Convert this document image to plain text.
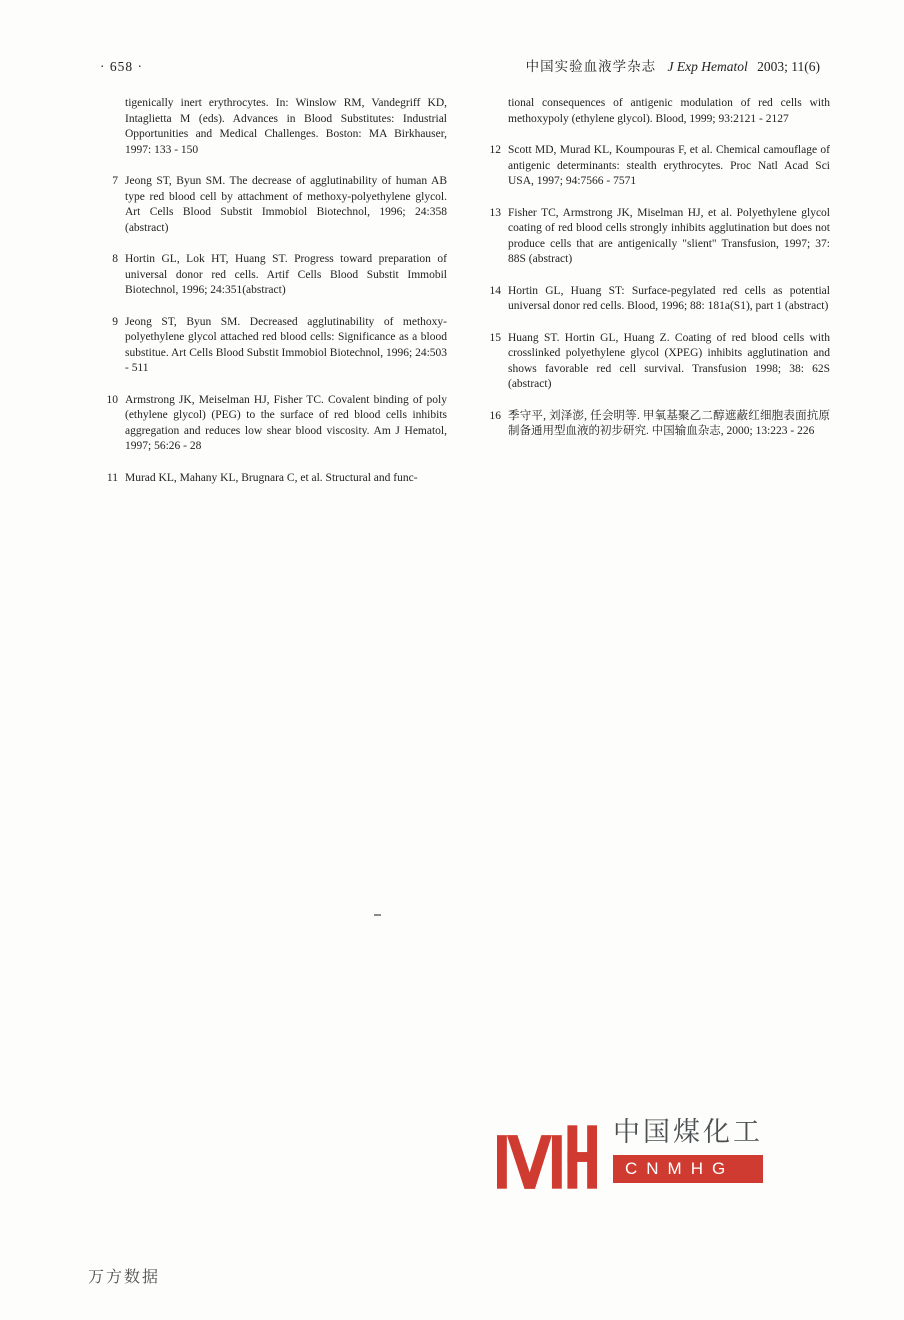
· 658 ·	中国实验血液学杂志 J Exp Hematol 2003; 11(6)

tigenically inert erythrocytes. In: Winslow RM, Vandegriff KD, Intaglietta M (eds). Advances in Blood Substitutes: Industrial Opportunities and Medical Challenges. Boston: MA Birkhauser, 1997: 133 - 150

7 Jeong ST, Byun SM. The decrease of agglutinability of human AB type red blood cell by attachment of methoxy-polyethylene glycol. Art Cells Blood Substit Immobiol Biotechnol, 1996; 24:358 (abstract)

8 Hortin GL, Lok HT, Huang ST. Progress toward preparation of universal donor red cells. Artif Cells Blood Substit Immobil Biotechnol, 1996; 24:351(abstract)

9 Jeong ST, Byun SM. Decreased agglutinability of methoxy-polyethylene glycol attached red blood cells: Significance as a blood substitue. Art Cells Blood Substit Immobiol Biotechnol, 1996; 24:503 - 511

10 Armstrong JK, Meiselman HJ, Fisher TC. Covalent binding of poly (ethylene glycol) (PEG) to the surface of red blood cells inhibits aggregation and reduces low shear blood viscosity. Am J Hematol, 1997; 56:26 - 28

11 Murad KL, Mahany KL, Brugnara C, et al. Structural and func-

tional consequences of antigenic modulation of red cells with methoxypoly (ethylene glycol). Blood, 1999; 93:2121 - 2127

12 Scott MD, Murad KL, Koumpouras F, et al. Chemical camouflage of antigenic determinants: stealth erythrocytes. Proc Natl Acad Sci USA, 1997; 94:7566 - 7571

13 Fisher TC, Armstrong JK, Miselman HJ, et al. Polyethylene glycol coating of red blood cells strongly inhibits agglutination but does not produce cells that are antigenically "slient" Transfusion, 1997; 37: 88S (abstract)

14 Hortin GL, Huang ST: Surface-pegylated red cells as potential universal donor red cells. Blood, 1996; 88: 181a(S1), part 1 (abstract)

15 Huang ST. Hortin GL, Huang Z. Coating of red blood cells with crosslinked polyethylene glycol (XPEG) inhibits agglutination and shows favorable red cell survival. Transfusion 1998; 38: 62S (abstract)

16 季守平, 刘泽澎, 任会明等. 甲氧基聚乙二醇遮蔽红细胞表面抗原制备通用型血液的初步研究. 中国输血杂志, 2000; 13:223 - 226

中国煤化工
CNMHG
万方数据
